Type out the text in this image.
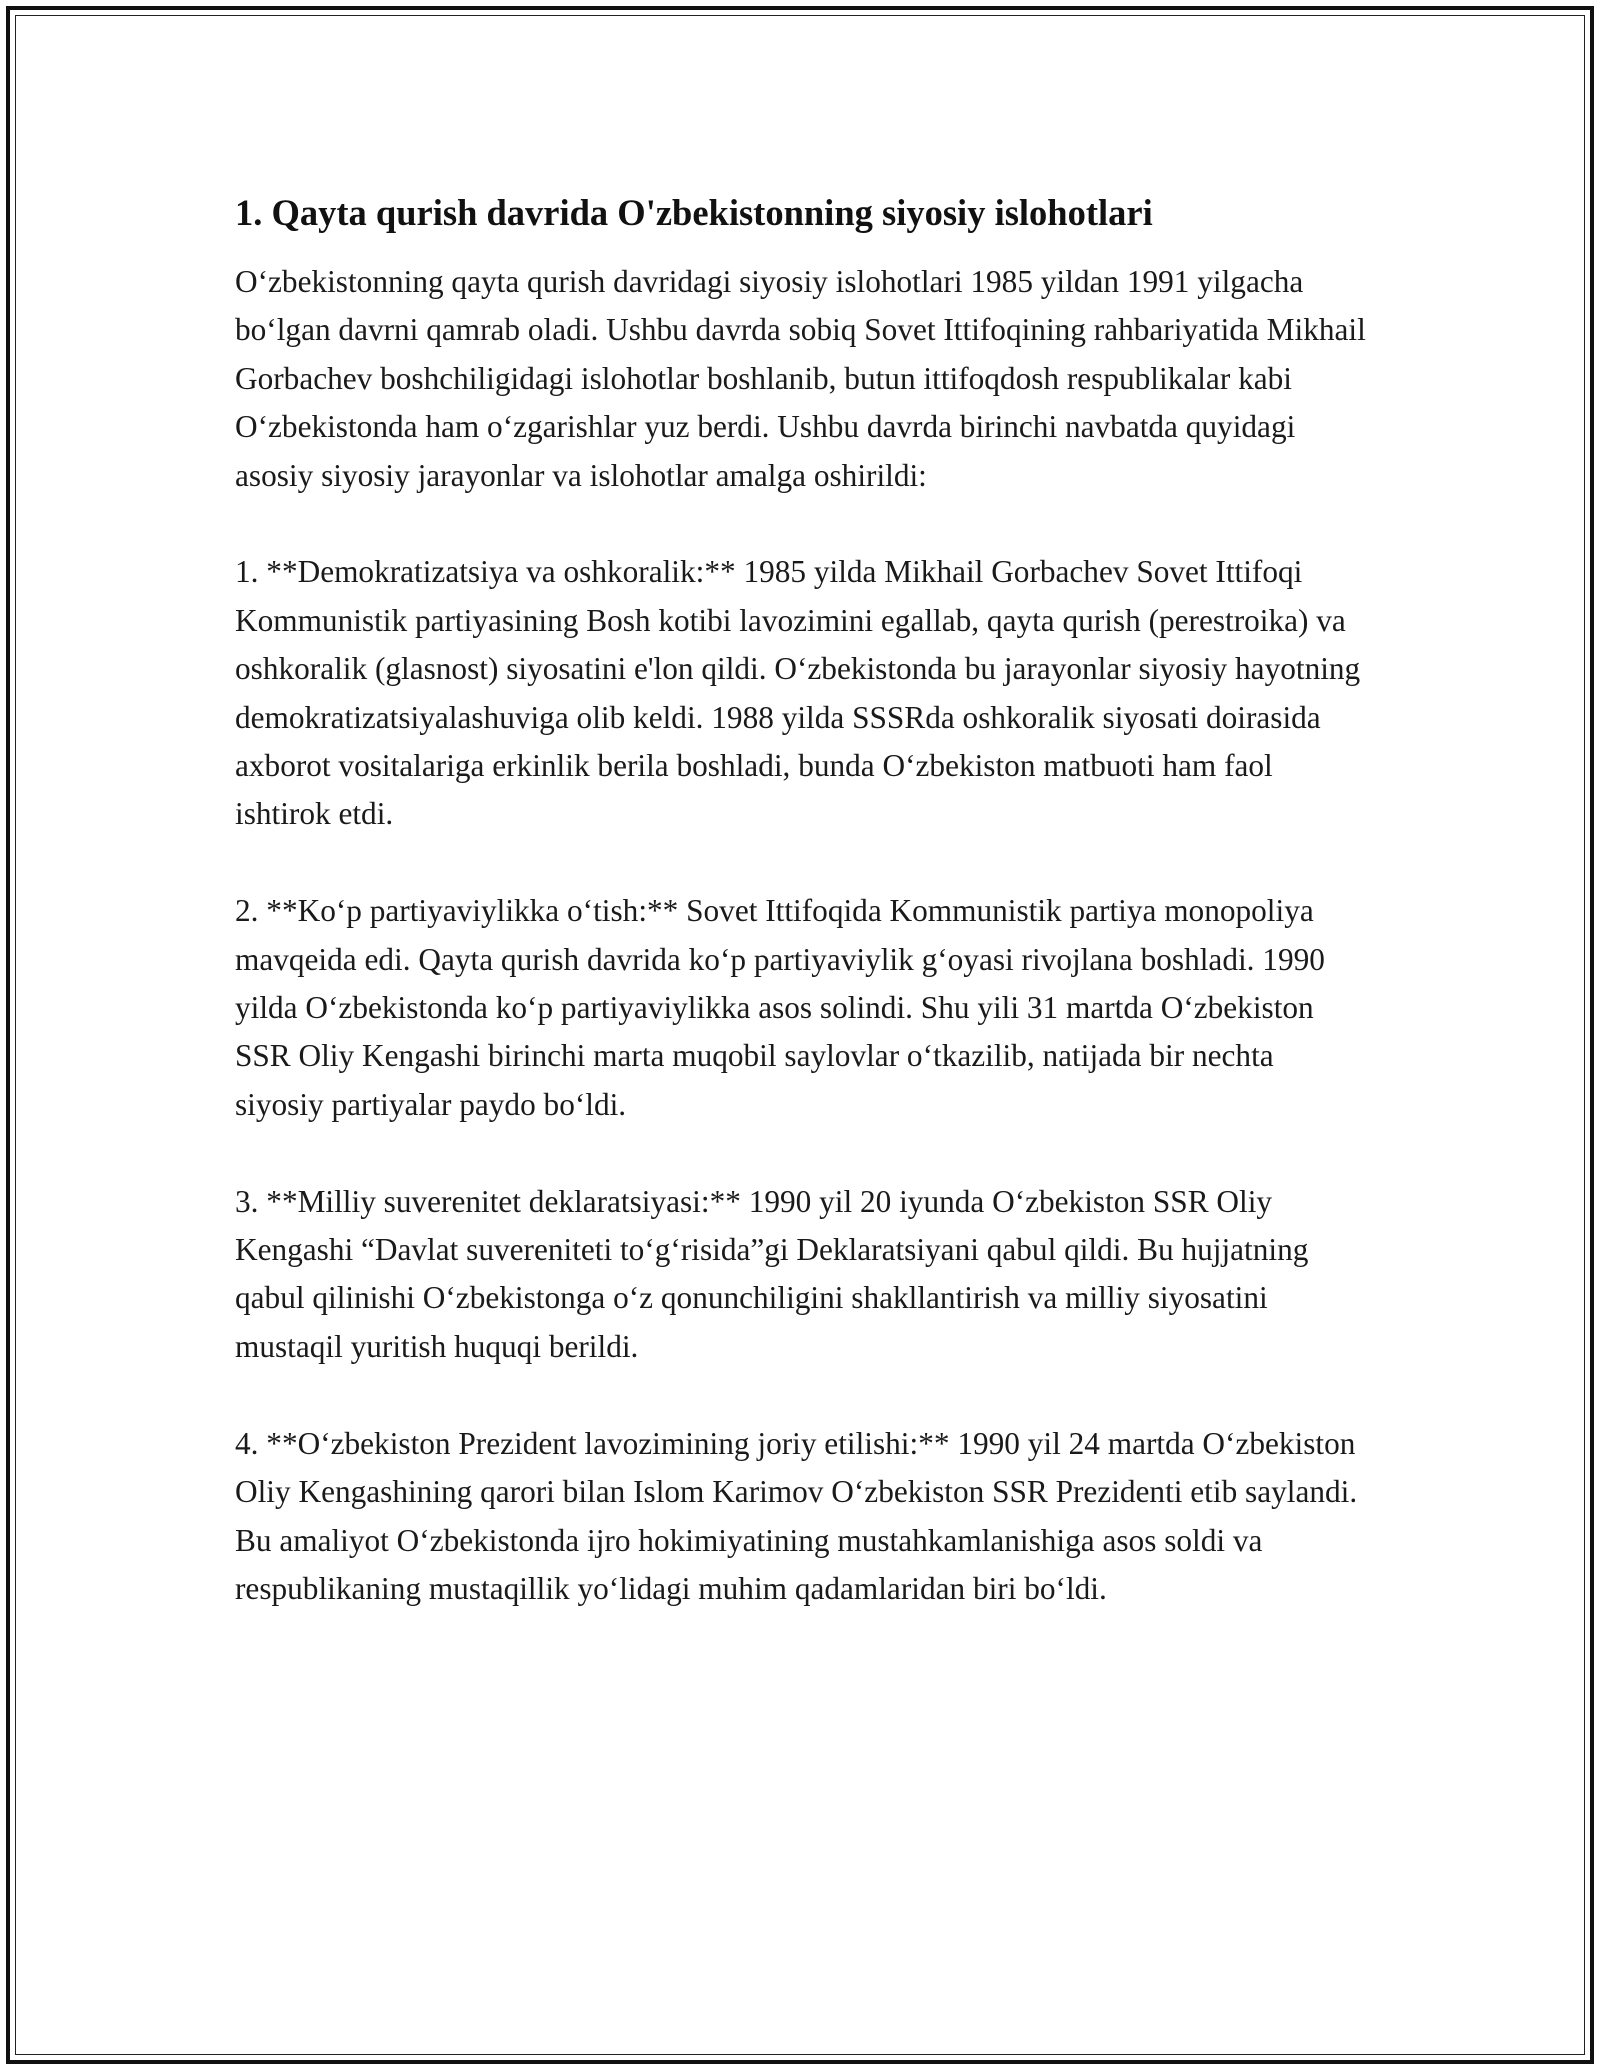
1. Qayta qurish davrida O'zbekistonning siyosiy islohotlari

O‘zbekistonning qayta qurish davridagi siyosiy islohotlari 1985 yildan 1991 yilgacha bo‘lgan davrni qamrab oladi. Ushbu davrda sobiq Sovet Ittifoqining rahbariyatida Mikhail Gorbachev boshchiligidagi islohotlar boshlanib, butun ittifoqdosh respublikalar kabi O‘zbekistonda ham o‘zgarishlar yuz berdi. Ushbu davrda birinchi navbatda quyidagi asosiy siyosiy jarayonlar va islohotlar amalga oshirildi:

1. **Demokratizatsiya va oshkoralik:** 1985 yilda Mikhail Gorbachev Sovet Ittifoqi Kommunistik partiyasining Bosh kotibi lavozimini egallab, qayta qurish (perestroika) va oshkoralik (glasnost) siyosatini e'lon qildi. O‘zbekistonda bu jarayonlar siyosiy hayotning demokratizatsiyalashuviga olib keldi. 1988 yilda SSSRda oshkoralik siyosati doirasida axborot vositalariga erkinlik berila boshladi, bunda O‘zbekiston matbuoti ham faol ishtirok etdi.

2. **Ko‘p partiyaviylikka o‘tish:** Sovet Ittifoqida Kommunistik partiya monopoliya mavqeida edi. Qayta qurish davrida ko‘p partiyaviylik g‘oyasi rivojlana boshladi. 1990 yilda O‘zbekistonda ko‘p partiyaviylikka asos solindi. Shu yili 31 martda O‘zbekiston SSR Oliy Kengashi birinchi marta muqobil saylovlar o‘tkazilib, natijada bir nechta siyosiy partiyalar paydo bo‘ldi.

3. **Milliy suverenitet deklaratsiyasi:** 1990 yil 20 iyunda O‘zbekiston SSR Oliy Kengashi “Davlat suvereniteti to‘g‘risida”gi Deklaratsiyani qabul qildi. Bu hujjatning qabul qilinishi O‘zbekistonga o‘z qonunchiligini shakllantirish va milliy siyosatini mustaqil yuritish huquqi berildi.

4. **O‘zbekiston Prezident lavozimining joriy etilishi:** 1990 yil 24 martda O‘zbekiston Oliy Kengashining qarori bilan Islom Karimov O‘zbekiston SSR Prezidenti etib saylandi. Bu amaliyot O‘zbekistonda ijro hokimiyatining mustahkamlanishiga asos soldi va respublikaning mustaqillik yo‘lidagi muhim qadamlaridan biri bo‘ldi.
